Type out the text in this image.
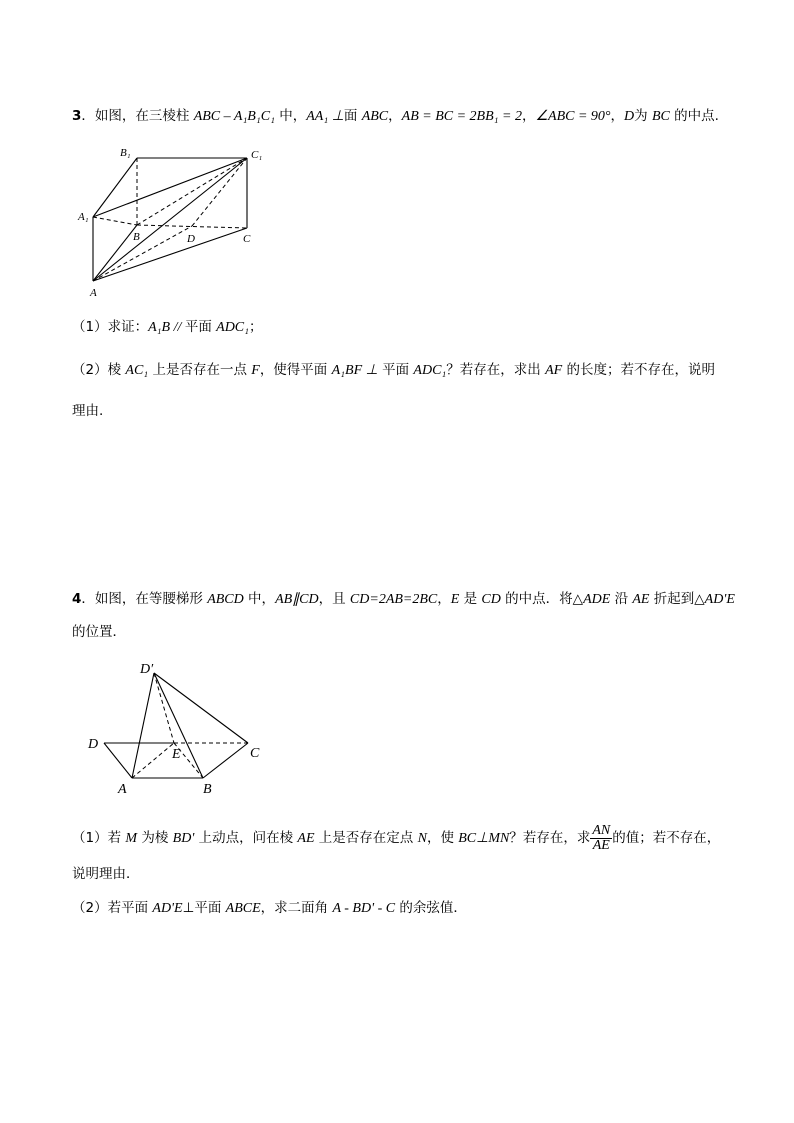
3．如图，在三棱柱 ABC – A₁B₁C₁ 中，AA₁ ⊥面 ABC，AB = BC = 2BB₁ = 2，∠ABC = 90°，D为 BC 的中点.
B₁	C₁
A₁
B	D	C
A
（1）求证：A₁B // 平面 ADC₁；
（2）棱 AC₁ 上是否存在一点 F，使得平面 A₁BF ⊥ 平面 ADC₁？若存在，求出 AF 的长度；若不存在，说明
理由.
4．如图，在等腰梯形 ABCD 中，AB∥CD，且 CD=2AB=2BC，E 是 CD 的中点．将△ADE 沿 AE 折起到△AD'E
的位置．
D′
D
E	C
A	B
（1）若 M 为棱 BD' 上动点，问在棱 AE 上是否存在定点 N，使 BC⊥MN？若存在，求 $\frac{AN}{AE}$ 的值；若不存在，
说明理由．
（2）若平面 AD'E⊥平面 ABCE，求二面角 A - BD' - C 的余弦值．
